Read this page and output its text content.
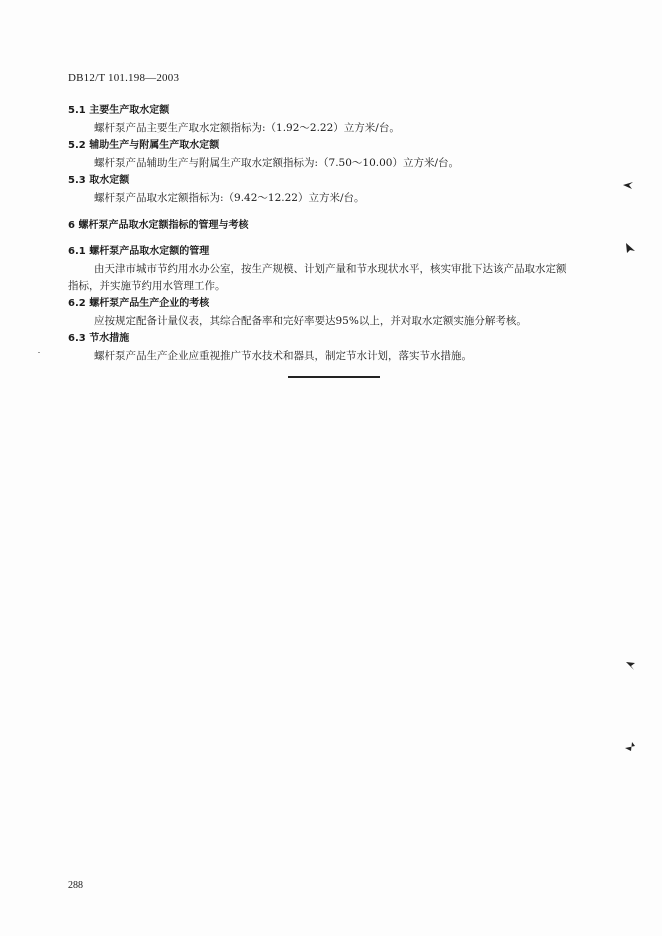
DB12/T 101.198—2003
5.1 主要生产取水定额
螺杆泵产品主要生产取水定额指标为:（1.92～2.22）立方米/台。
5.2 辅助生产与附属生产取水定额
螺杆泵产品辅助生产与附属生产取水定额指标为:（7.50～10.00）立方米/台。
5.3 取水定额
螺杆泵产品取水定额指标为:（9.42～12.22）立方米/台。
6 螺杆泵产品取水定额指标的管理与考核
6.1 螺杆泵产品取水定额的管理
由天津市城市节约用水办公室，按生产规模、计划产量和节水现状水平，核实审批下达该产品取水定额
指标，并实施节约用水管理工作。
6.2 螺杆泵产品生产企业的考核
应按规定配备计量仪表，其综合配备率和完好率要达95%以上，并对取水定额实施分解考核。
6.3 节水措施
螺杆泵产品生产企业应重视推广节水技术和器具，制定节水计划，落实节水措施。
288
